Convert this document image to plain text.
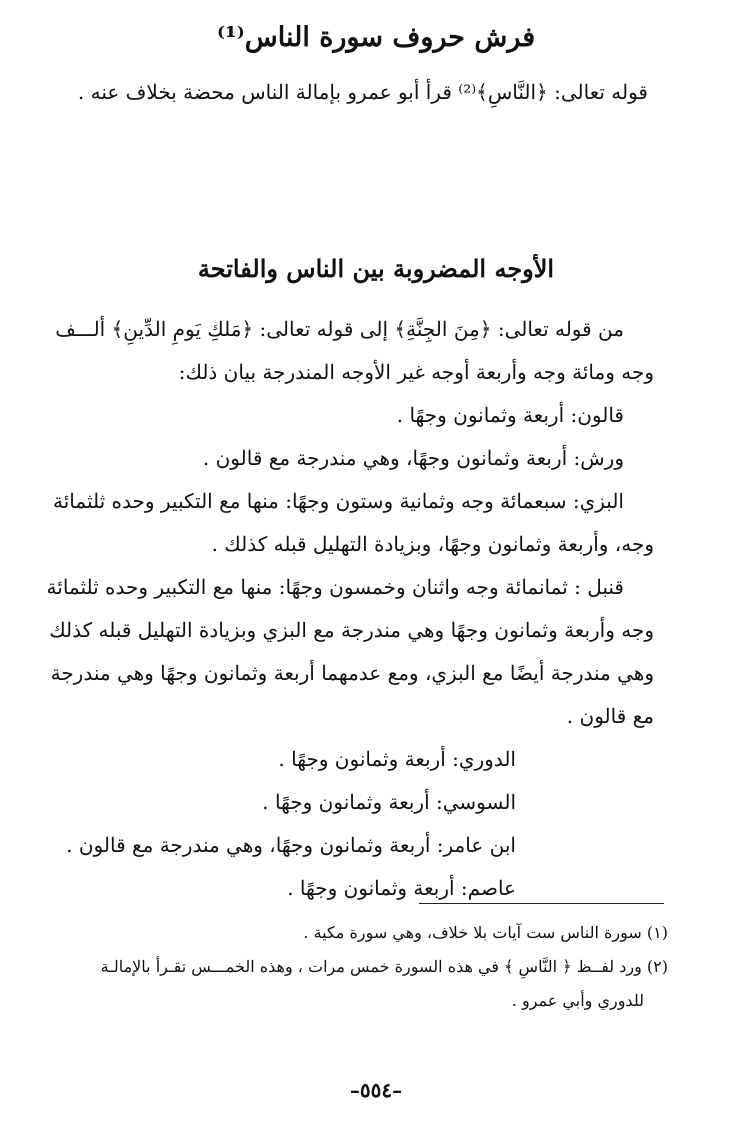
فرش حروف سورة الناس⁽¹⁾
قوله تعالى: ﴿النَّاسِ﴾⁽²⁾ قرأ أبو عمرو بإمالة الناس محضة بخلاف عنه .
الأوجه المضروبة بين الناس والفاتحة
من قوله تعالى: ﴿مِنَ الجِنَّةِ﴾ إلى قوله تعالى: ﴿مَلكِ يَومِ الدِّينِ﴾ ألـــف
وجه ومائة وجه وأربعة أوجه غير الأوجه المندرجة بيان ذلك:
قالون: أربعة وثمانون وجهًا .
ورش: أربعة وثمانون وجهًا، وهي مندرجة مع قالون .
البزي: سبعمائة وجه وثمانية وستون وجهًا: منها مع التكبير وحده ثلثمائة
وجه، وأربعة وثمانون وجهًا، وبزيادة التهليل قبله كذلك .
قنبل : ثمانمائة وجه واثنان وخمسون وجهًا: منها مع التكبير وحده ثلثمائة
وجه وأربعة وثمانون وجهًا وهي مندرجة مع البزي وبزيادة التهليل قبله كذلك
وهي مندرجة أيضًا مع البزي، ومع عدمهما أربعة وثمانون وجهًا وهي مندرجة
مع قالون .
الدوري: أربعة وثمانون وجهًا .
السوسي: أربعة وثمانون وجهًا .
ابن عامر: أربعة وثمانون وجهًا، وهي مندرجة مع قالون .
عاصم: أربعة وثمانون وجهًا .
(١) سورة الناس ست آيات بلا خلاف، وهي سورة مكية .
(٢) ورد لفــظ ﴿ النَّاسِ ﴾ في هذه السورة خمس مرات ، وهذه الخمـــس تقـرأ بالإمالـة
للدوري وأبي عمرو .
–٥٥٤–
